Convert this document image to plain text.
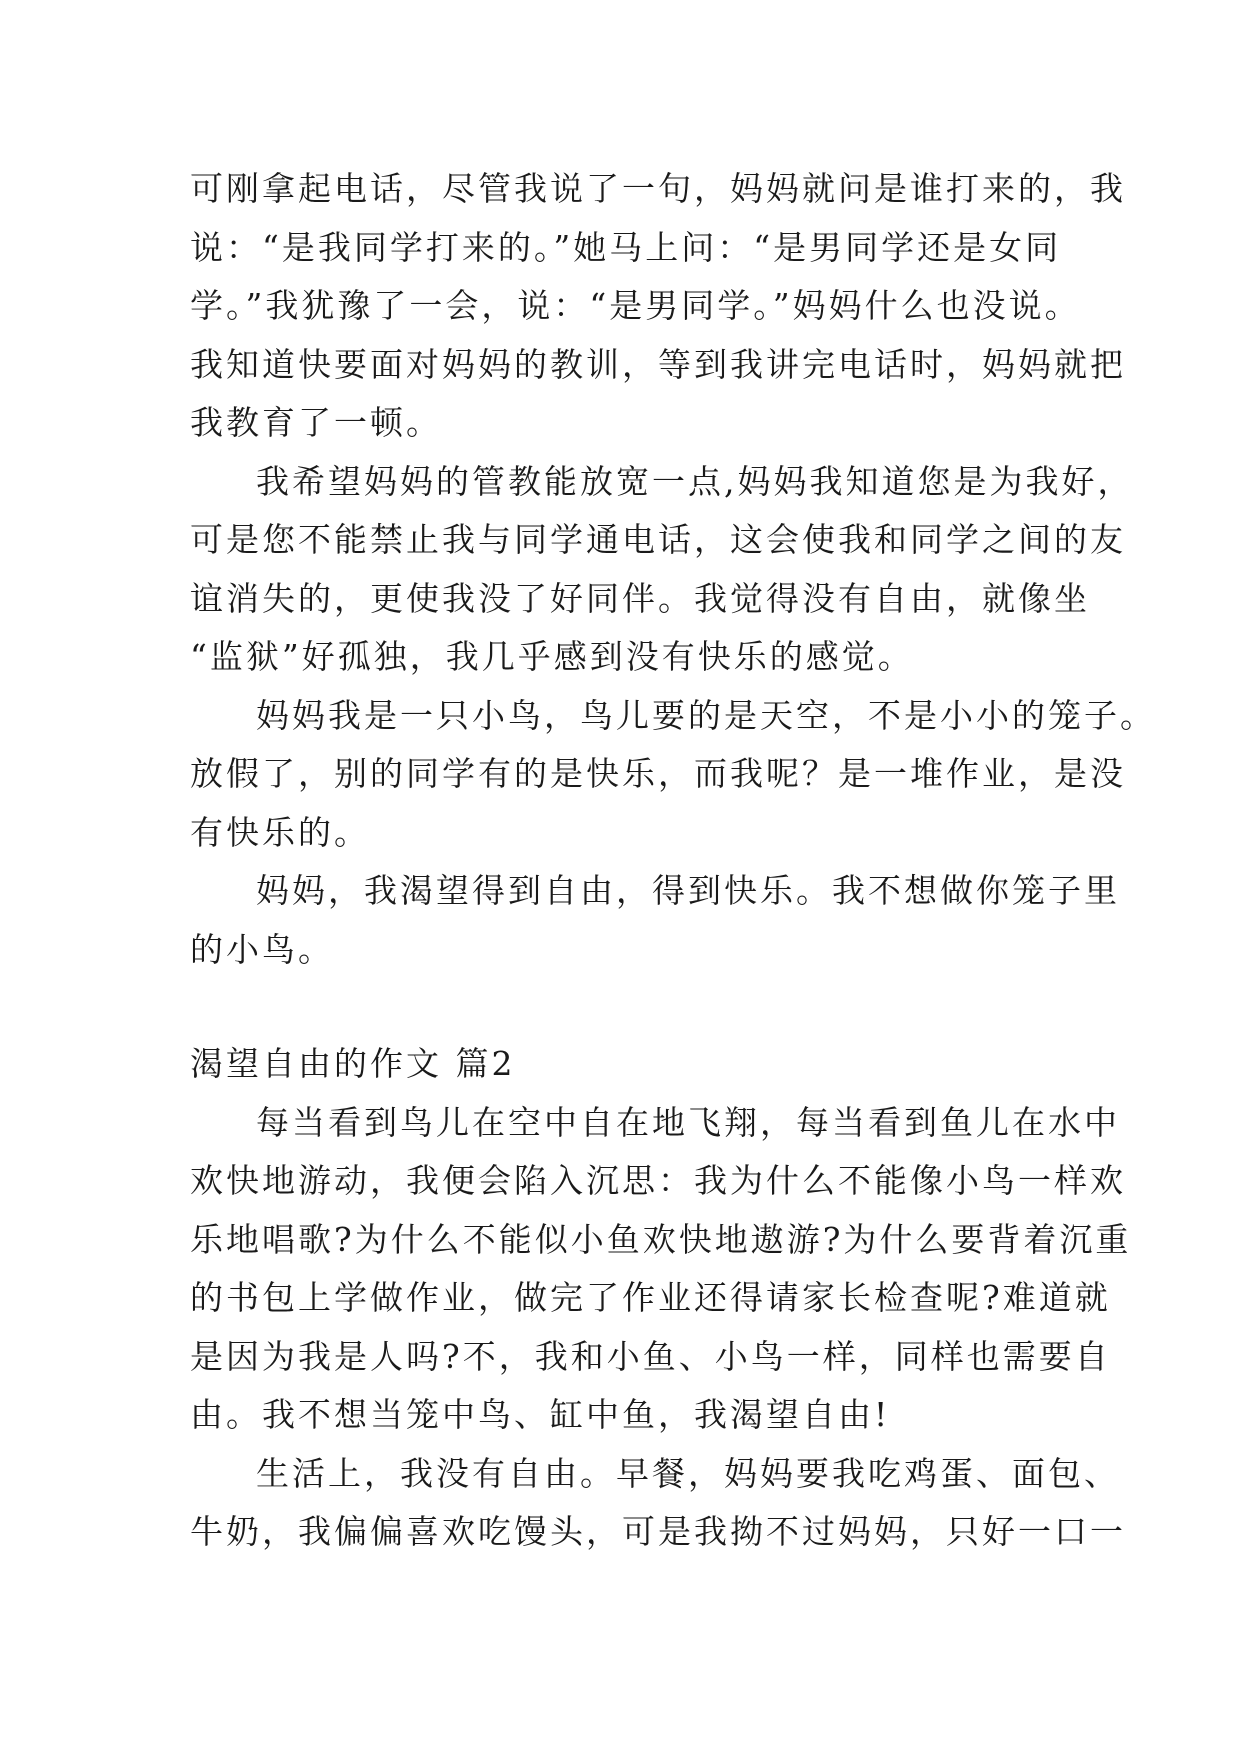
可刚拿起电话，尽管我说了一句，妈妈就问是谁打来的，我
说：“是我同学打来的。”她马上问：“是男同学还是女同
学。”我犹豫了一会，说：“是男同学。”妈妈什么也没说。
我知道快要面对妈妈的教训，等到我讲完电话时，妈妈就把
我教育了一顿。

我希望妈妈的管教能放宽一点,妈妈我知道您是为我好，
可是您不能禁止我与同学通电话，这会使我和同学之间的友
谊消失的，更使我没了好同伴。我觉得没有自由，就像坐
“监狱”好孤独，我几乎感到没有快乐的感觉。

妈妈我是一只小鸟，鸟儿要的是天空，不是小小的笼子。
放假了，别的同学有的是快乐，而我呢？是一堆作业，是没
有快乐的。

妈妈，我渴望得到自由，得到快乐。我不想做你笼子里
的小鸟。

渴望自由的作文 篇2

每当看到鸟儿在空中自在地飞翔，每当看到鱼儿在水中
欢快地游动，我便会陷入沉思：我为什么不能像小鸟一样欢
乐地唱歌?为什么不能似小鱼欢快地遨游?为什么要背着沉重
的书包上学做作业，做完了作业还得请家长检查呢?难道就
是因为我是人吗?不，我和小鱼、小鸟一样，同样也需要自
由。我不想当笼中鸟、缸中鱼，我渴望自由!

生活上，我没有自由。早餐，妈妈要我吃鸡蛋、面包、
牛奶，我偏偏喜欢吃馒头，可是我拗不过妈妈，只好一口一
